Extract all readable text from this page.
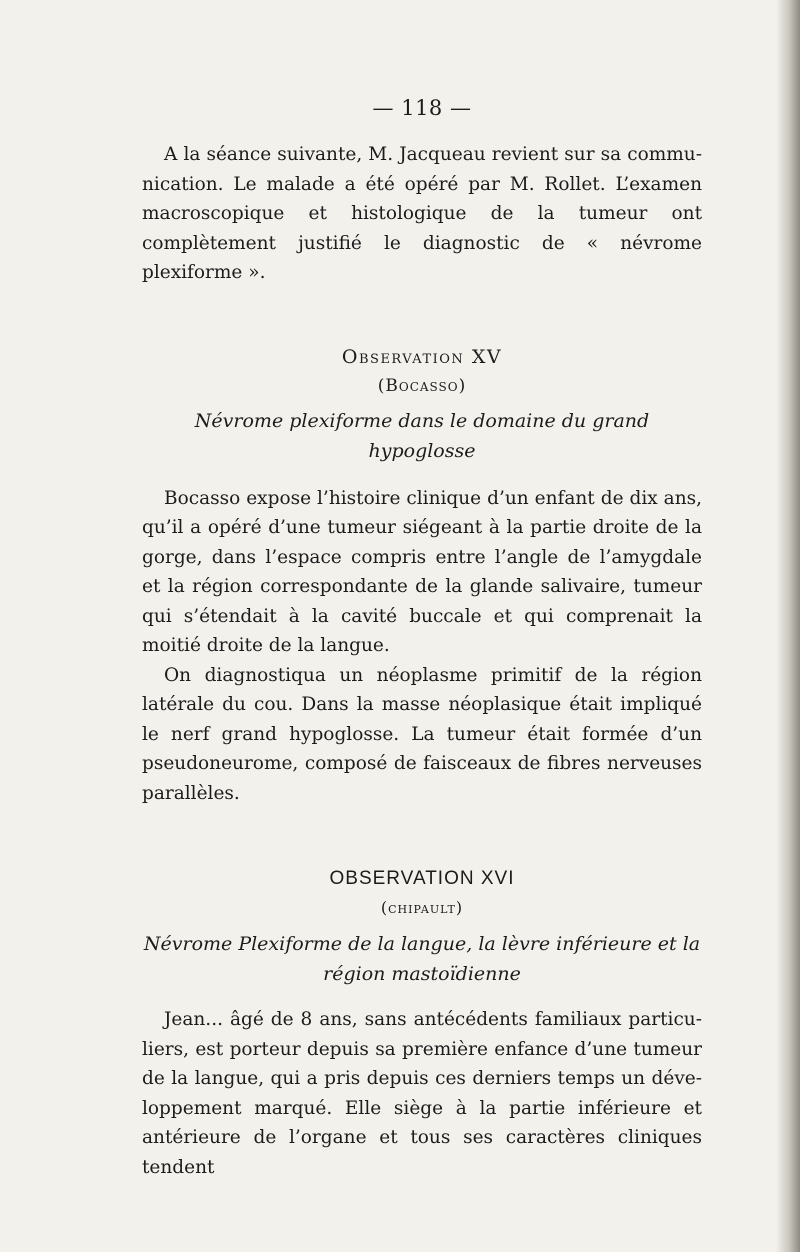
— 118 —

A la séance suivante, M. Jacqueau revient sur sa communication. Le malade a été opéré par M. Rollet. L’examen macroscopique et histologique de la tumeur ont complètement justifié le diagnostic de « névrome plexiforme ».

Observation XV
(Bocasso)
Névrome plexiforme dans le domaine du grand hypoglosse

Bocasso expose l’histoire clinique d’un enfant de dix ans, qu’il a opéré d’une tumeur siégeant à la partie droite de la gorge, dans l’espace compris entre l’angle de l’amygdale et la région correspondante de la glande salivaire, tumeur qui s’étendait à la cavité buccale et qui comprenait la moitié droite de la langue.

On diagnostiqua un néoplasme primitif de la région latérale du cou. Dans la masse néoplasique était impliqué le nerf grand hypoglosse. La tumeur était formée d’un pseudoneurome, composé de faisceaux de fibres nerveuses parallèles.

OBSERVATION XVI
(chipault)
Névrome Plexiforme de la langue, la lèvre inférieure et la
région mastoïdienne

Jean... âgé de 8 ans, sans antécédents familiaux particuliers, est porteur depuis sa première enfance d’une tumeur de la langue, qui a pris depuis ces derniers temps un développement marqué. Elle siège à la partie inférieure et antérieure de l’organe et tous ses caractères cliniques tendent
